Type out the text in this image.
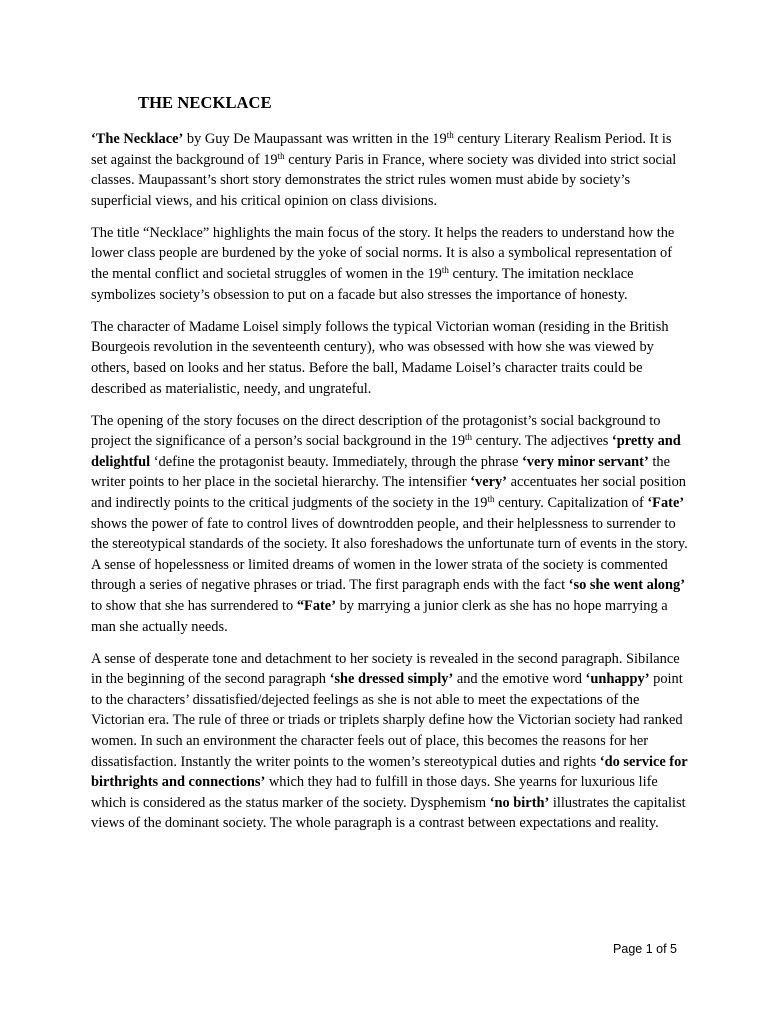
THE NECKLACE

‘The Necklace’ by Guy De Maupassant was written in the 19th century Literary Realism Period. It is set against the background of 19th century Paris in France, where society was divided into strict social classes. Maupassant’s short story demonstrates the strict rules women must abide by society’s superficial views, and his critical opinion on class divisions.

The title “Necklace” highlights the main focus of the story. It helps the readers to understand how the lower class people are burdened by the yoke of social norms. It is also a symbolical representation of the mental conflict and societal struggles of women in the 19th century. The imitation necklace symbolizes society’s obsession to put on a facade but also stresses the importance of honesty.

The character of Madame Loisel simply follows the typical Victorian woman (residing in the British Bourgeois revolution in the seventeenth century), who was obsessed with how she was viewed by others, based on looks and her status. Before the ball, Madame Loisel’s character traits could be described as materialistic, needy, and ungrateful.

The opening of the story focuses on the direct description of the protagonist’s social background to project the significance of a person’s social background in the 19th century. The adjectives ‘pretty and delightful ‘define the protagonist beauty. Immediately, through the phrase ‘very minor servant’ the writer points to her place in the societal hierarchy. The intensifier ‘very’ accentuates her social position and indirectly points to the critical judgments of the society in the 19th century. Capitalization of ‘Fate’ shows the power of fate to control lives of downtrodden people, and their helplessness to surrender to the stereotypical standards of the society. It also foreshadows the unfortunate turn of events in the story. A sense of hopelessness or limited dreams of women in the lower strata of the society is commented through a series of negative phrases or triad. The first paragraph ends with the fact ‘so she went along’ to show that she has surrendered to “Fate’ by marrying a junior clerk as she has no hope marrying a man she actually needs.

A sense of desperate tone and detachment to her society is revealed in the second paragraph. Sibilance in the beginning of the second paragraph ‘she dressed simply’ and the emotive word ‘unhappy’ point to the characters’ dissatisfied/dejected feelings as she is not able to meet the expectations of the Victorian era. The rule of three or triads or triplets sharply define how the Victorian society had ranked women. In such an environment the character feels out of place, this becomes the reasons for her dissatisfaction. Instantly the writer points to the women’s stereotypical duties and rights ‘do service for birthrights and connections’ which they had to fulfill in those days. She yearns for luxurious life which is considered as the status marker of the society. Dysphemism ‘no birth’ illustrates the capitalist views of the dominant society. The whole paragraph is a contrast between expectations and reality.

Page 1 of 5
